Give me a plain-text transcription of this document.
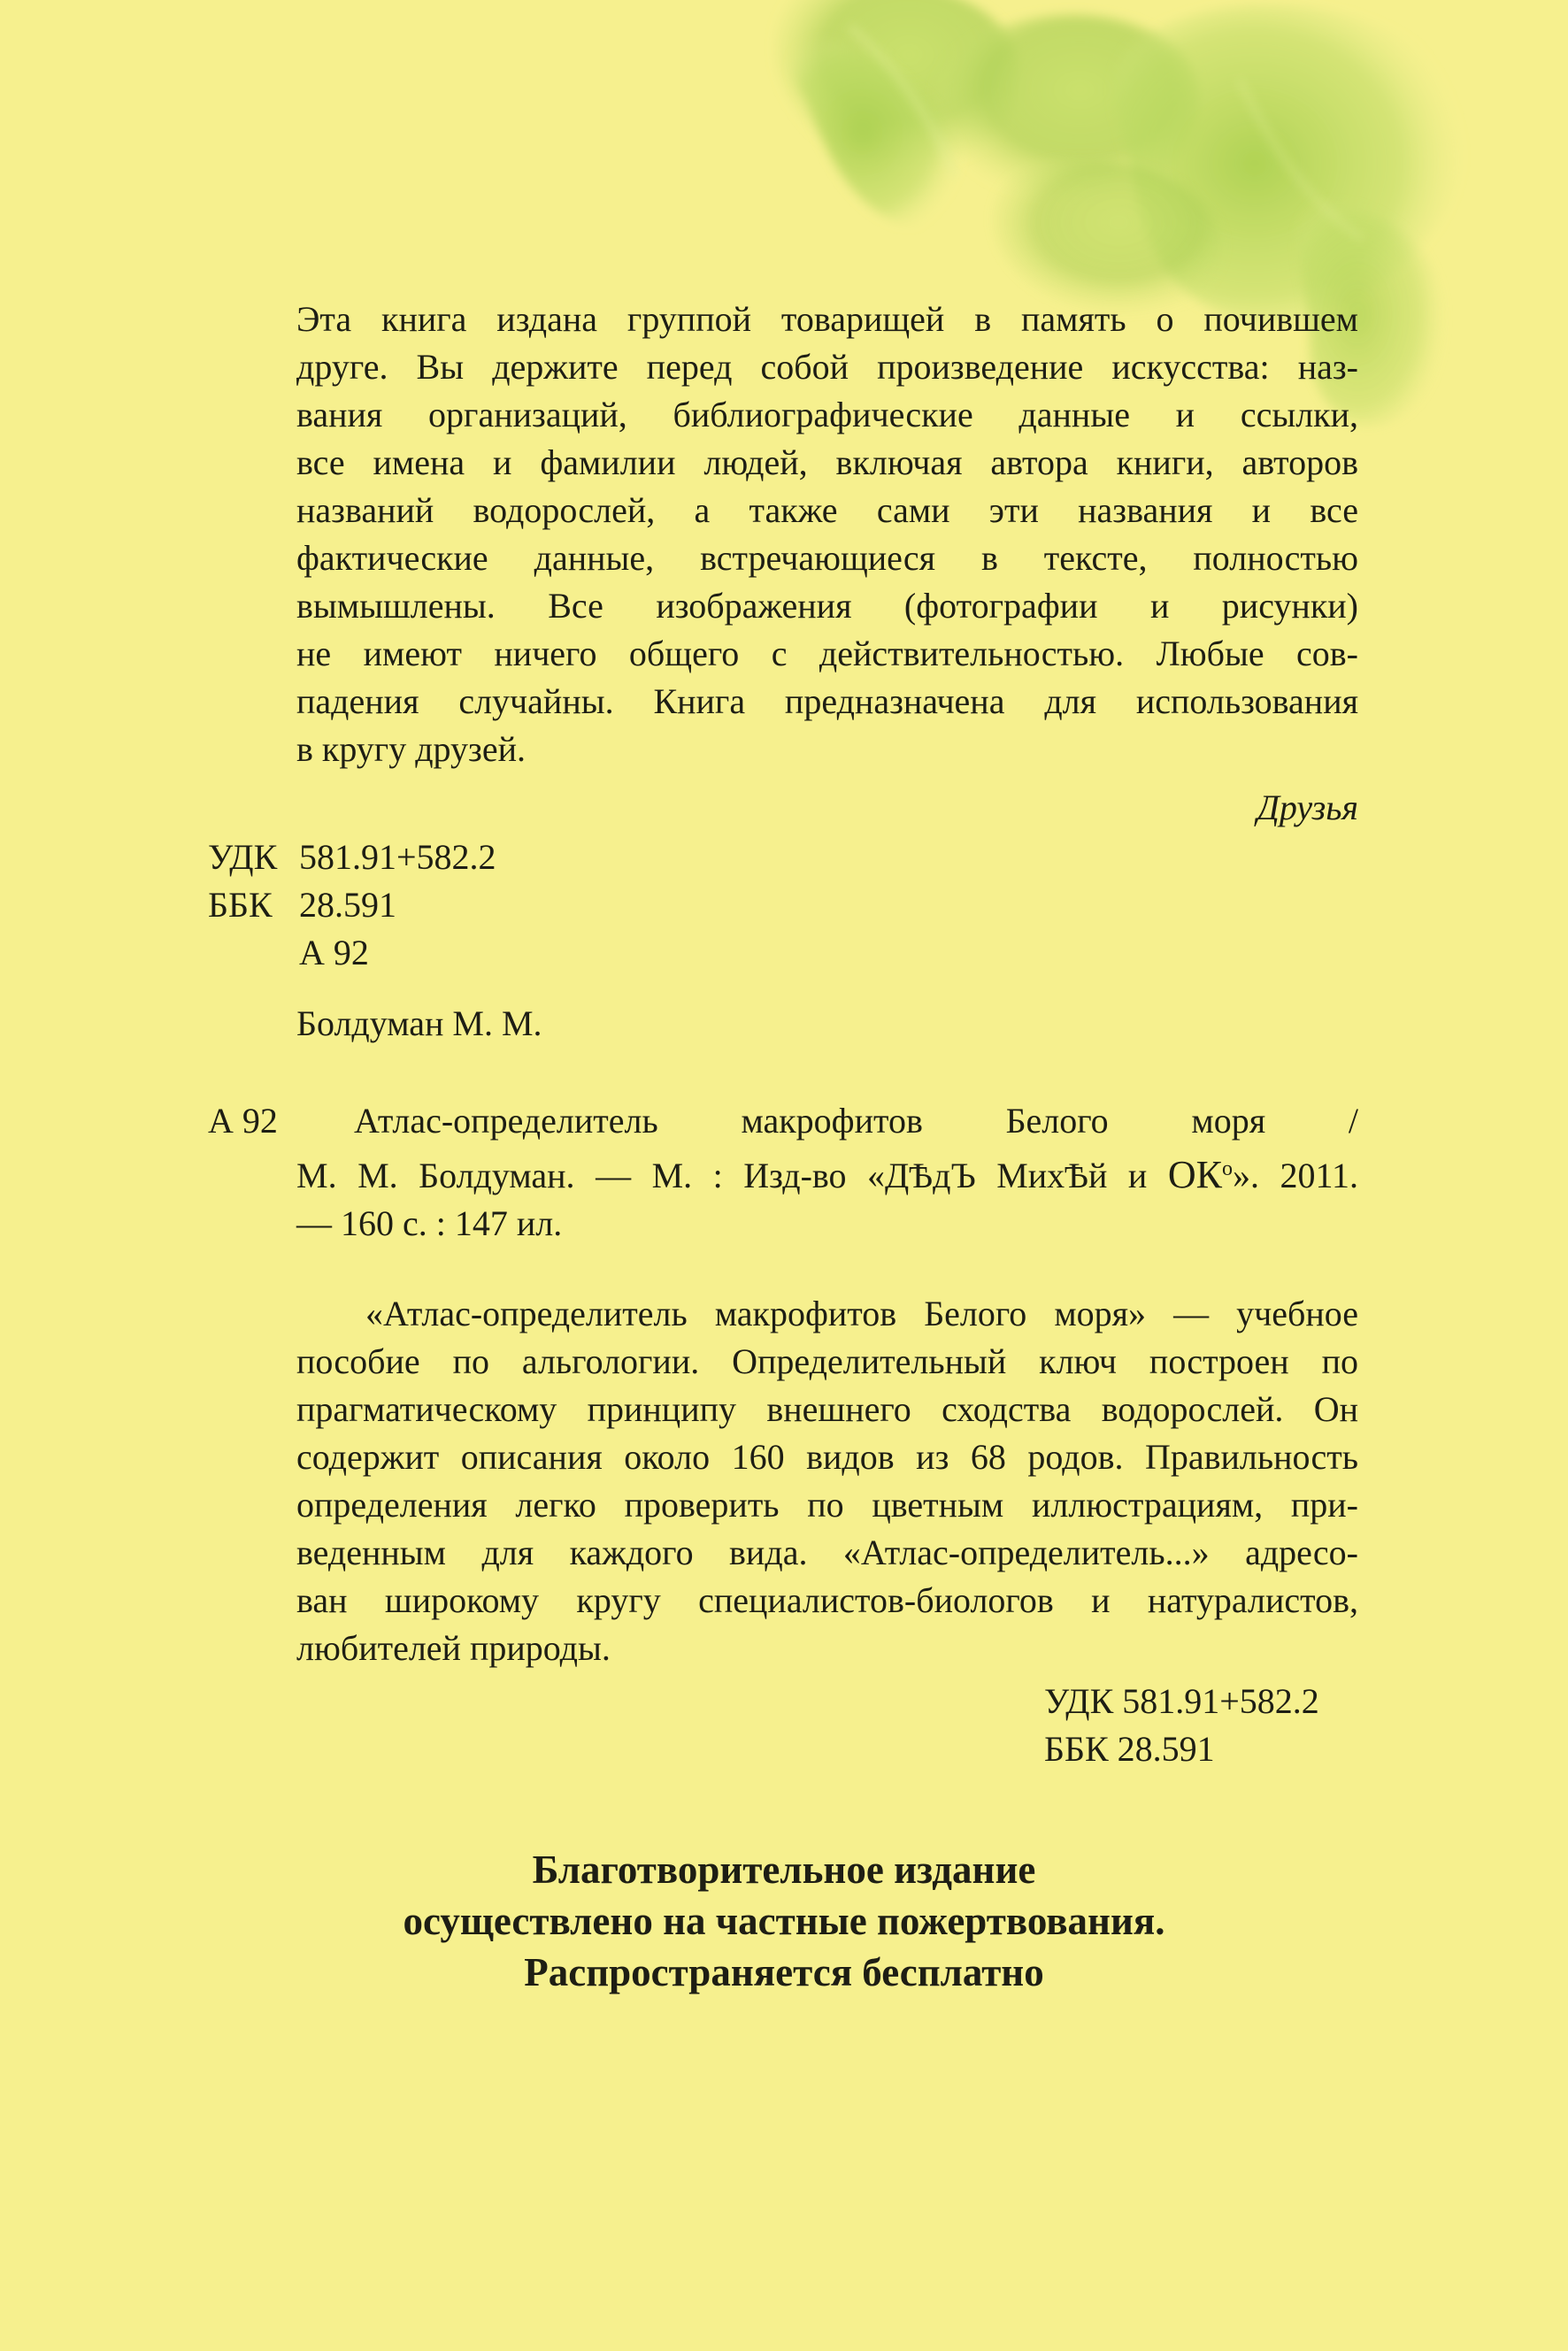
Эта книга издана группой товарищей в память о почившем
друге. Вы держите перед собой произведение искусства: наз-
вания организаций, библиографические данные и ссылки,
все имена и фамилии людей, включая автора книги, авторов
названий водорослей, а также сами эти названия и все
фактические данные, встречающиеся в тексте, полностью
вымышлены. Все изображения (фотографии и рисунки)
не имеют ничего общего с действительностью. Любые сов-
падения случайны. Книга предназначена для использования
в кругу друзей.
Друзья
УДК 581.91+582.2
ББК 28.591
А 92
Болдуман М. М.
А 92 Атлас-определитель макрофитов Белого моря /
М. М. Болдуман. — М. : Изд-во «ДѢдЪ МихѢй и $ОК^о$». 2011.
— 160 с. : 147 ил.
«Атлас-определитель макрофитов Белого моря» — учебное
пособие по альгологии. Определительный ключ построен по
прагматическому принципу внешнего сходства водорослей. Он
содержит описания около 160 видов из 68 родов. Правильность
определения легко проверить по цветным иллюстрациям, при-
веденным для каждого вида. «Атлас-определитель...» адресо-
ван широкому кругу специалистов-биологов и натуралистов,
любителей природы.
УДК 581.91+582.2
ББК 28.591
Благотворительное издание
осуществлено на частные пожертвования.
Распространяется бесплатно
